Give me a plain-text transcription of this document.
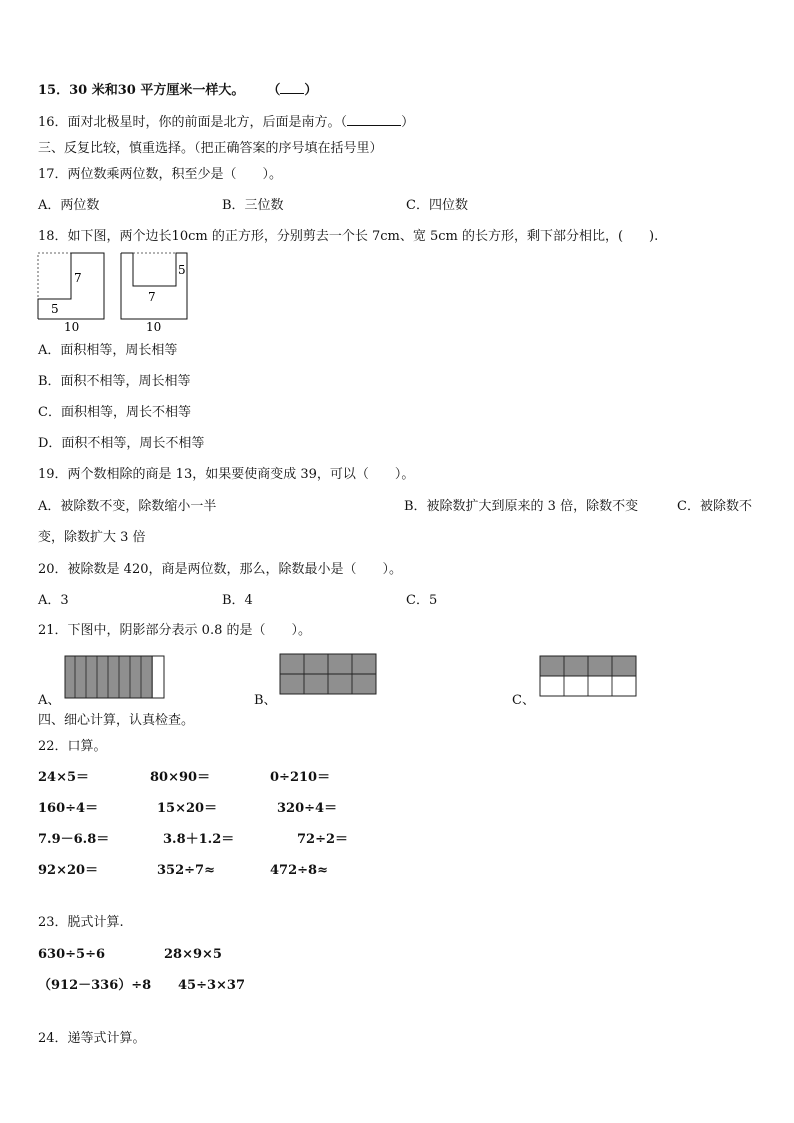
15．30 米和30 平方厘米一样大。 （ ）
16．面对北极星时，你的前面是北方，后面是南方。（	）
三、反复比较，慎重选择。（把正确答案的序号填在括号里）
17．两位数乘两位数，积至少是（　　）。
A．两位数	B．三位数	C．四位数
18．如下图，两个边长10cm 的正方形，分别剪去一个长 7cm、宽 5cm 的长方形，剩下部分相比，(　　).
7
5
10
5
7
10
A．面积相等，周长相等
B．面积不相等，周长相等
C．面积相等，周长不相等
D．面积不相等，周长不相等
19．两个数相除的商是 13，如果要使商变成 39，可以（　　）。
A．被除数不变，除数缩小一半	B．被除数扩大到原来的 3 倍，除数不变	C．被除数不
变，除数扩大 3 倍
20．被除数是 420，商是两位数，那么，除数最小是（　　）。
A．3	B．4	C．5
21．下图中，阴影部分表示 0.8 的是（　　）。
A、	B、	C、
四、细心计算，认真检查。
22．口算。
24×5＝	80×90＝	0÷210＝
160÷4＝	15×20＝	320÷4＝
7.9－6.8＝	3.8＋1.2＝	72÷2＝
92×20＝	352÷7≈	472÷8≈
23．脱式计算.
630÷5÷6	28×9×5
（912－336）÷8 45÷3×37
24．递等式计算。
